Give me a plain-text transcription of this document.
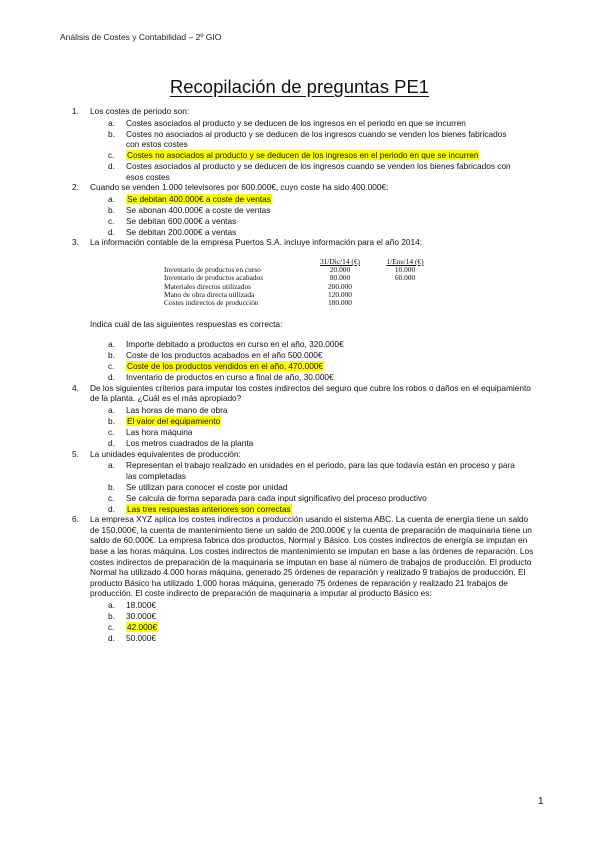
Análisis de Costes y Contabilidad – 2º GIO
Recopilación de preguntas PE1
1. Los costes de periodo son:
a. Costes asociados al producto y se deducen de los ingresos en el periodo en que se incurren
b. Costes no asociados al producto y se deducen de los ingresos cuando se venden los bienes fabricados con estos costes
c. Costes no asociados al producto y se deducen de los ingresos en el periodo en que se incurren
d. Costes asociados al producto y se deducen de los ingresos cuando se venden los bienes fabricados con esos costes
2. Cuando se venden 1.000 televisores por 600.000€, cuyo coste ha sido 400.000€:
a. Se debitan 400.000€ a coste de ventas
b. Se abonan 400.000€ a coste de ventas
c. Se debitan 600.000€ a ventas
d. Se debitan 200.000€ a ventas
3. La información contable de la empresa Puertos S.A. incluye información para el año 2014:
	31/Dic/14 (€)	1/Ene/14 (€)
Inventario de productos en curso	20.000	10.000
Inventario de productos acabados	80.000	60.000
Materiales directos utilizados	200.000	
Mano de obra directa utilizada	120.000	
Costes indirectos de producción	180.000	
Indica cuál de las siguientes respuestas es correcta:
a. Importe debitado a productos en curso en el año, 320.000€
b. Coste de los productos acabados en el año 500.000€
c. Coste de los productos vendidos en el año, 470.000€
d. Inventario de productos en curso a final de año, 30.000€
4. De los siguientes criterios para imputar los costes indirectos del seguro que cubre los robos o daños en el equipamiento de la planta. ¿Cuál es el más apropiado?
a. Las horas de mano de obra
b. El valor del equipamiento
c. Las hora máquina
d. Los metros cuadrados de la planta
5. La unidades equivalentes de producción:
a. Representan el trabajo realizado en unidades en el periodo, para las que todavía están en proceso y para las completadas
b. Se utilizan para conocer el coste por unidad
c. Se calcula de forma separada para cada input significativo del proceso productivo
d. Las tres respuestas anteriores son correctas
6. La empresa XYZ aplica los costes indirectos a producción usando el sistema ABC. La cuenta de energía tiene un saldo de 150.000€, la cuenta de mantenimiento tiene un saldo de 200.000€ y la cuenta de preparación de maquinaria tiene un saldo de 60.000€. La empresa fabrica dos productos, Normal y Básico. Los costes indirectos de energía se imputan en base a las horas máquina. Los costes indirectos de mantenimiento se imputan en base a las órdenes de reparación. Los costes indirectos de preparación de la maquinaria se imputan en base al número de trabajos de producción. El producto Normal ha utilizado 4.000 horas máquina, generado 25 órdenes de reparación y realizado 9 trabajos de producción. El producto Básico ha utilizado 1.000 horas máquina, generado 75 órdenes de reparación y realizado 21 trabajos de producción. El coste indirecto de preparación de maquinaria a imputar al producto Básico es:
a. 18.000€
b. 30.000€
c. 42.000€
d. 50.000€
1
